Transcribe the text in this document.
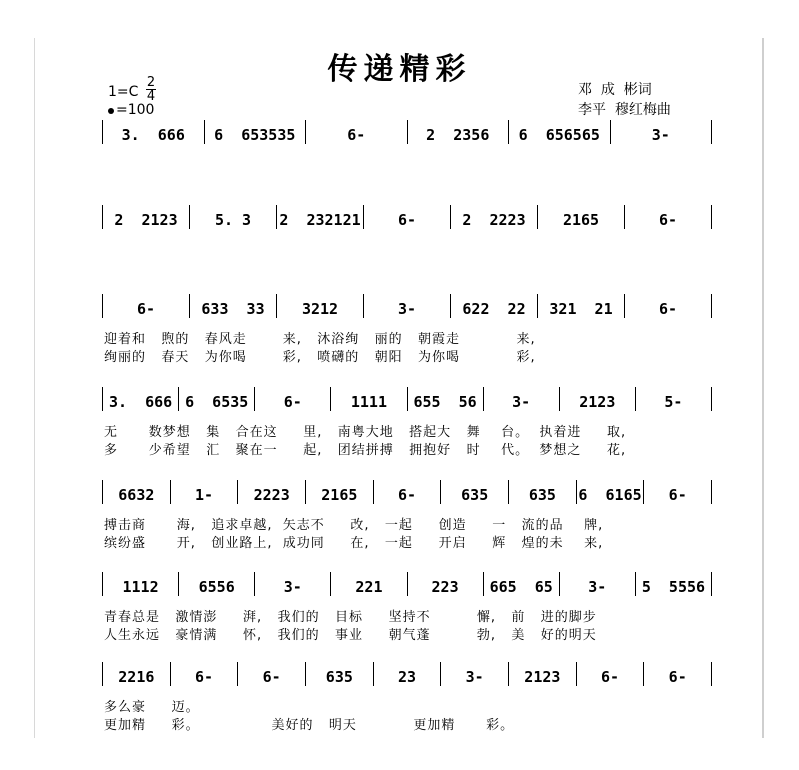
传递精彩
邓  成  彬词
李平  穆红梅曲
1=C
2
4
=100
3.  666	6  653535	6-	2  2356	6  656565	3-
2  2123	5. 3	2  232121	6-	2  2223	2165	6-
6-	633  33	3212	3-	622  22	321  21	6-
迎着和   煦的   春风走       来,   沐浴绚   丽的   朝霞走           来,
绚丽的   春天   为你喝       彩,   喷礴的   朝阳   为你喝           彩,
3.  666 6  6535	6-	1111	655  56	3-	2123	5-
无      数梦想   集   合在这     里,   南粤大地   搭起大   舞    台。  执着进     取,
多      少希望   汇   聚在一     起,   团结拼搏   拥抱好   时    代。  梦想之     花,
6632	1-	2223	2165	6-	635	635	6  6165	6-
搏击商      海,   追求卓越,  矢志不     改,   一起     创造     一   流的品    牌,
缤纷盛      开,   创业路上,  成功同     在,   一起     开启     辉   煌的未    来,
1112	6556	3-	221	223	665  65	3-	5  5556
青春总是   激情澎     湃,   我们的   目标     坚持不         懈,   前   进的脚步
人生永远   豪情满     怀,   我们的   事业     朝气蓬         勃,   美   好的明天
2216	6-	6-	635	23	3-	2123	6-	6-
多么豪     迈。
更加精     彩。              美好的   明天           更加精      彩。
